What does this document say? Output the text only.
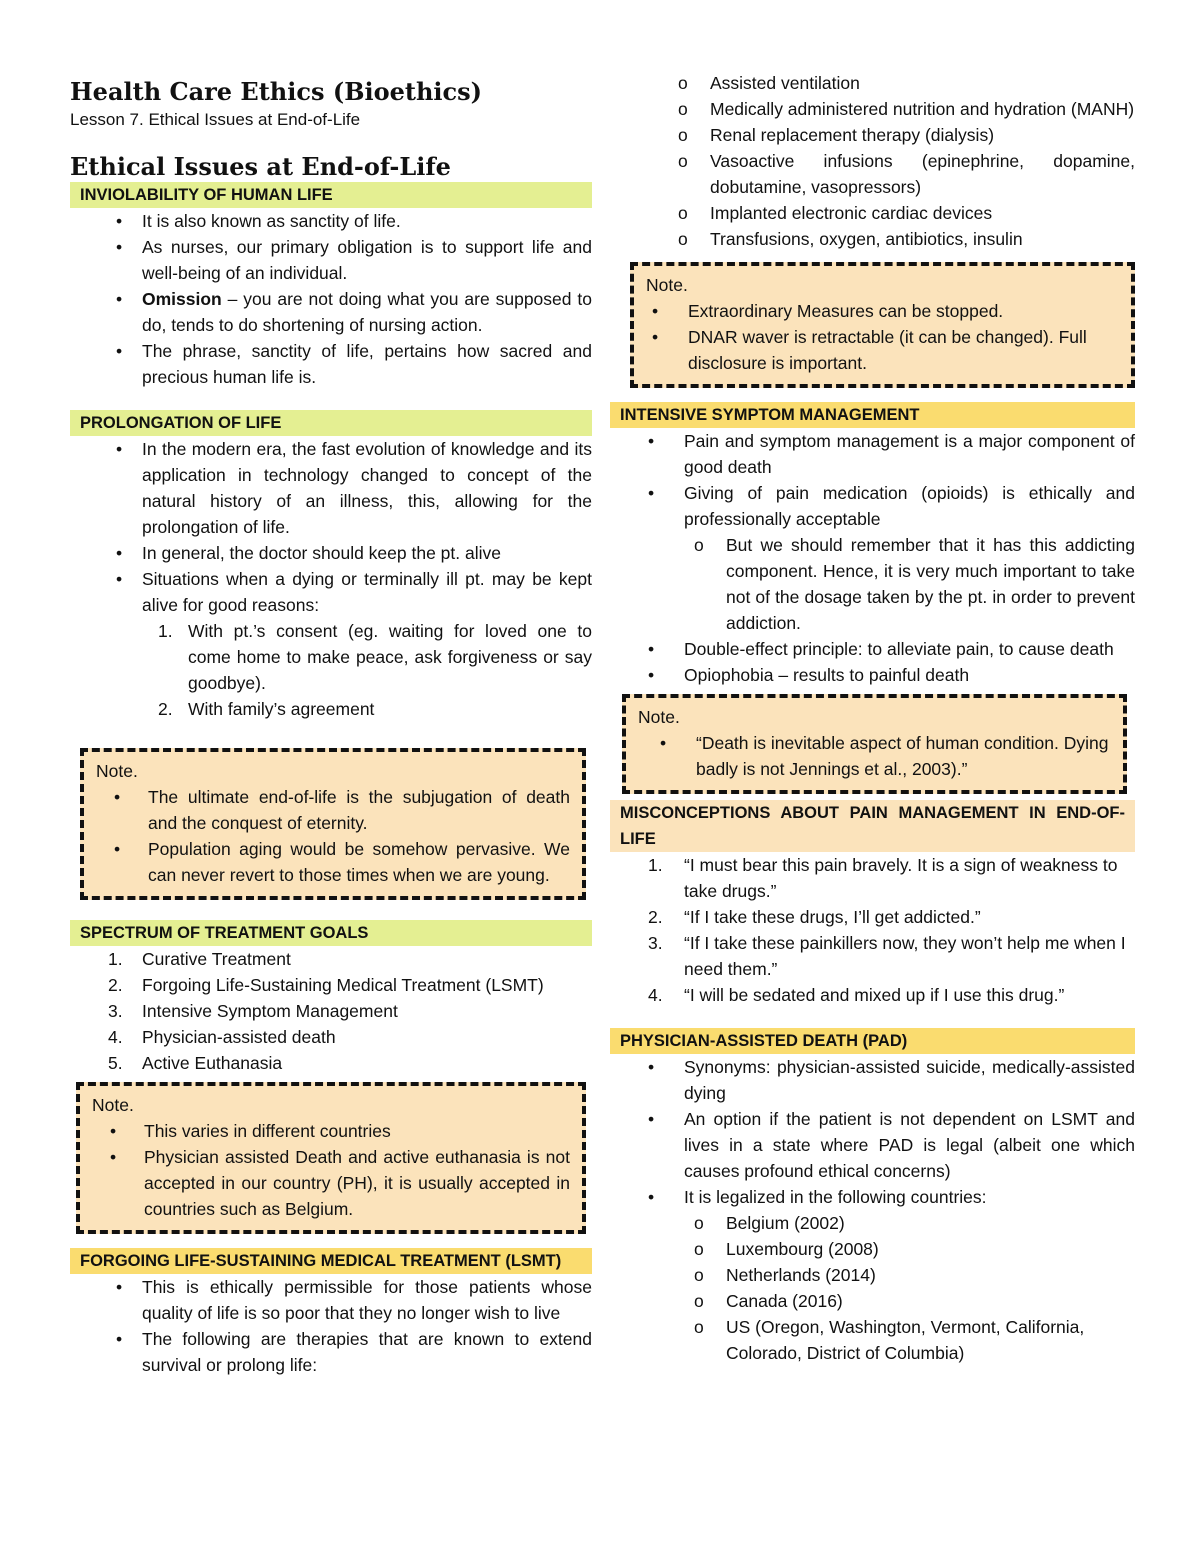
Health Care Ethics (Bioethics)
Lesson 7. Ethical Issues at End-of-Life
Ethical Issues at End-of-Life
INVIOLABILITY OF HUMAN LIFE
• It is also known as sanctity of life.
• As nurses, our primary obligation is to support life and well-being of an individual.
• Omission – you are not doing what you are supposed to do, tends to do shortening of nursing action.
• The phrase, sanctity of life, pertains how sacred and precious human life is.
PROLONGATION OF LIFE
• In the modern era, the fast evolution of knowledge and its application in technology changed to concept of the natural history of an illness, this, allowing for the prolongation of life.
• In general, the doctor should keep the pt. alive
• Situations when a dying or terminally ill pt. may be kept alive for good reasons:
1. With pt.’s consent (eg. waiting for loved one to come home to make peace, ask forgiveness or say goodbye).
2. With family’s agreement
Note.
• The ultimate end-of-life is the subjugation of death and the conquest of eternity.
• Population aging would be somehow pervasive. We can never revert to those times when we are young.
SPECTRUM OF TREATMENT GOALS
1. Curative Treatment
2. Forgoing Life-Sustaining Medical Treatment (LSMT)
3. Intensive Symptom Management
4. Physician-assisted death
5. Active Euthanasia
Note.
• This varies in different countries
• Physician assisted Death and active euthanasia is not accepted in our country (PH), it is usually accepted in countries such as Belgium.
FORGOING LIFE-SUSTAINING MEDICAL TREATMENT (LSMT)
• This is ethically permissible for those patients whose quality of life is so poor that they no longer wish to live
• The following are therapies that are known to extend survival or prolong life:
o Assisted ventilation
o Medically administered nutrition and hydration (MANH)
o Renal replacement therapy (dialysis)
o Vasoactive infusions (epinephrine, dopamine, dobutamine, vasopressors)
o Implanted electronic cardiac devices
o Transfusions, oxygen, antibiotics, insulin
Note.
• Extraordinary Measures can be stopped.
• DNAR waver is retractable (it can be changed). Full disclosure is important.
INTENSIVE SYMPTOM MANAGEMENT
• Pain and symptom management is a major component of good death
• Giving of pain medication (opioids) is ethically and professionally acceptable
o But we should remember that it has this addicting component. Hence, it is very much important to take not of the dosage taken by the pt. in order to prevent addiction.
• Double-effect principle: to alleviate pain, to cause death
• Opiophobia – results to painful death
Note.
• “Death is inevitable aspect of human condition. Dying badly is not Jennings et al., 2003).”
MISCONCEPTIONS ABOUT PAIN MANAGEMENT IN END-OF-LIFE
1. “I must bear this pain bravely. It is a sign of weakness to take drugs.”
2. “If I take these drugs, I’ll get addicted.”
3. “If I take these painkillers now, they won’t help me when I need them.”
4. “I will be sedated and mixed up if I use this drug.”
PHYSICIAN-ASSISTED DEATH (PAD)
• Synonyms: physician-assisted suicide, medically-assisted dying
• An option if the patient is not dependent on LSMT and lives in a state where PAD is legal (albeit one which causes profound ethical concerns)
• It is legalized in the following countries:
o Belgium (2002)
o Luxembourg (2008)
o Netherlands (2014)
o Canada (2016)
o US (Oregon, Washington, Vermont, California, Colorado, District of Columbia)
